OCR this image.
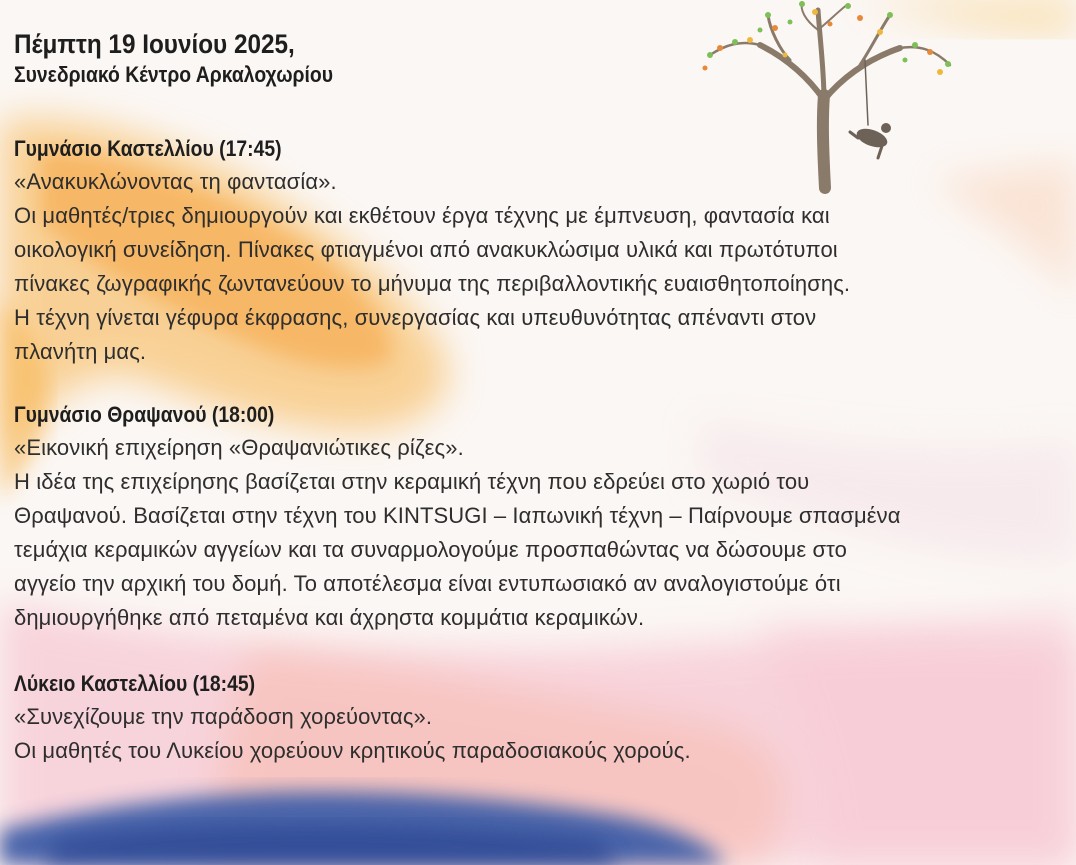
Πέμπτη 19 Ιουνίου 2025,
Συνεδριακό Κέντρο Αρκαλοχωρίου
Γυμνάσιο Καστελλίου (17:45)
«Ανακυκλώνοντας τη φαντασία».
Οι μαθητές/τριες δημιουργούν και εκθέτουν έργα τέχνης με έμπνευση, φαντασία και
οικολογική συνείδηση. Πίνακες φτιαγμένοι από ανακυκλώσιμα υλικά και πρωτότυποι
πίνακες ζωγραφικής ζωντανεύουν το μήνυμα της περιβαλλοντικής ευαισθητοποίησης.
Η τέχνη γίνεται γέφυρα έκφρασης, συνεργασίας και υπευθυνότητας απέναντι στον
πλανήτη μας.
Γυμνάσιο Θραψανού (18:00)
«Εικονική επιχείρηση «Θραψανιώτικες ρίζες».
Η ιδέα της επιχείρησης βασίζεται στην κεραμική τέχνη που εδρεύει στο χωριό του
Θραψανού. Βασίζεται στην τέχνη του KINTSUGI – Ιαπωνική τέχνη – Παίρνουμε σπασμένα
τεμάχια κεραμικών αγγείων και τα συναρμολογούμε προσπαθώντας να δώσουμε στο
αγγείο την αρχική του δομή. Το αποτέλεσμα είναι εντυπωσιακό αν αναλογιστούμε ότι
δημιουργήθηκε από πεταμένα και άχρηστα κομμάτια κεραμικών.
Λύκειο Καστελλίου (18:45)
«Συνεχίζουμε την παράδοση χορεύοντας».
Οι μαθητές του Λυκείου χορεύουν κρητικούς παραδοσιακούς χορούς.
